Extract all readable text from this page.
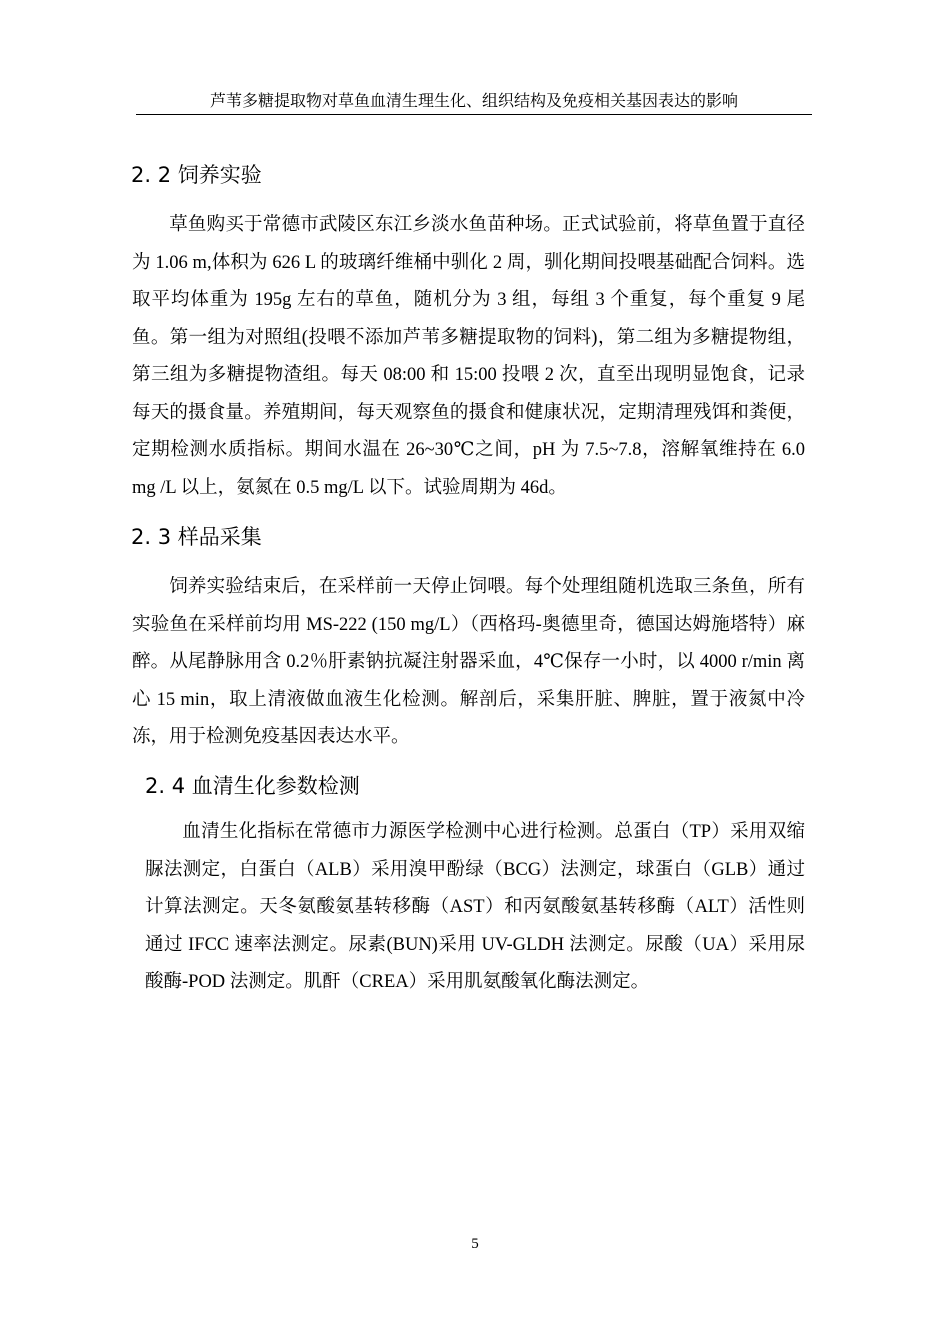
芦苇多糖提取物对草鱼血清生理生化、组织结构及免疫相关基因表达的影响
2. 2 饲养实验
草鱼购买于常德市武陵区东江乡淡水鱼苗种场。正式试验前，将草鱼置于直径为 1.06 m,体积为 626 L 的玻璃纤维桶中驯化 2 周，驯化期间投喂基础配合饲料。选取平均体重为 195g 左右的草鱼，随机分为 3 组，每组 3 个重复，每个重复 9 尾鱼。第一组为对照组(投喂不添加芦苇多糖提取物的饲料)，第二组为多糖提物组，第三组为多糖提物渣组。每天 08:00 和 15:00 投喂 2 次，直至出现明显饱食，记录每天的摄食量。养殖期间，每天观察鱼的摄食和健康状况，定期清理残饵和粪便，定期检测水质指标。期间水温在 26~30℃之间，pH 为 7.5~7.8，溶解氧维持在 6.0 mg /L 以上，氨氮在 0.5 mg/L 以下。试验周期为 46d。
2. 3 样品采集
饲养实验结束后，在采样前一天停止饲喂。每个处理组随机选取三条鱼，所有实验鱼在采样前均用 MS-222 (150 mg/L）（西格玛-奥德里奇，德国达姆施塔特）麻醉。从尾静脉用含 0.2％肝素钠抗凝注射器采血，4℃保存一小时，以 4000 r/min 离心 15 min，取上清液做血液生化检测。解剖后，采集肝脏、脾脏，置于液氮中冷冻，用于检测免疫基因表达水平。
2. 4 血清生化参数检测
血清生化指标在常德市力源医学检测中心进行检测。总蛋白（TP）采用双缩脲法测定，白蛋白（ALB）采用溴甲酚绿（BCG）法测定，球蛋白（GLB）通过计算法测定。天冬氨酸氨基转移酶（AST）和丙氨酸氨基转移酶（ALT）活性则通过 IFCC 速率法测定。尿素(BUN)采用 UV-GLDH 法测定。尿酸（UA）采用尿酸酶-POD 法测定。肌酐（CREA）采用肌氨酸氧化酶法测定。
5
